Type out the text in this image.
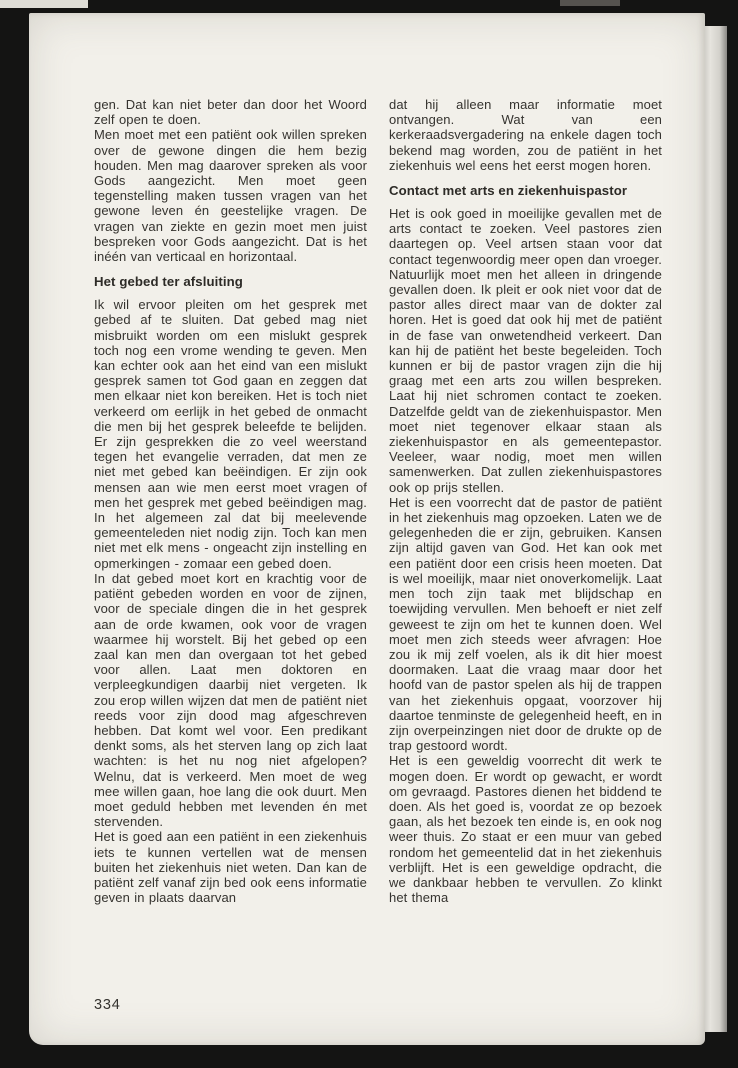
gen. Dat kan niet beter dan door het Woord zelf open te doen.

Men moet met een patiënt ook willen spreken over de gewone dingen die hem bezig houden. Men mag daarover spreken als voor Gods aangezicht. Men moet geen tegenstelling maken tussen vragen van het gewone leven én geestelijke vragen. De vragen van ziekte en gezin moet men juist bespreken voor Gods aangezicht. Dat is het inéén van verticaal en horizontaal.

Het gebed ter afsluiting

Ik wil ervoor pleiten om het gesprek met gebed af te sluiten. Dat gebed mag niet misbruikt worden om een mislukt gesprek toch nog een vrome wending te geven. Men kan echter ook aan het eind van een mislukt gesprek samen tot God gaan en zeggen dat men elkaar niet kon bereiken. Het is toch niet verkeerd om eerlijk in het gebed de onmacht die men bij het gesprek beleefde te belijden. Er zijn gesprekken die zo veel weerstand tegen het evangelie verraden, dat men ze niet met gebed kan beëindigen. Er zijn ook mensen aan wie men eerst moet vragen of men het gesprek met gebed beëindigen mag. In het algemeen zal dat bij meelevende gemeenteleden niet nodig zijn. Toch kan men niet met elk mens - ongeacht zijn instelling en opmerkingen - zomaar een gebed doen.

In dat gebed moet kort en krachtig voor de patiënt gebeden worden en voor de zijnen, voor de speciale dingen die in het gesprek aan de orde kwamen, ook voor de vragen waarmee hij worstelt. Bij het gebed op een zaal kan men dan overgaan tot het gebed voor allen. Laat men doktoren en verpleegkundigen daarbij niet vergeten. Ik zou erop willen wijzen dat men de patiënt niet reeds voor zijn dood mag afgeschreven hebben. Dat komt wel voor. Een predikant denkt soms, als het sterven lang op zich laat wachten: is het nu nog niet afgelopen? Welnu, dat is verkeerd. Men moet de weg mee willen gaan, hoe lang die ook duurt. Men moet geduld hebben met levenden én met stervenden.

Het is goed aan een patiënt in een ziekenhuis iets te kunnen vertellen wat de mensen buiten het ziekenhuis niet weten. Dan kan de patiënt zelf vanaf zijn bed ook eens informatie geven in plaats daarvan

dat hij alleen maar informatie moet ontvangen. Wat van een kerkeraadsvergadering na enkele dagen toch bekend mag worden, zou de patiënt in het ziekenhuis wel eens het eerst mogen horen.

Contact met arts en ziekenhuispastor

Het is ook goed in moeilijke gevallen met de arts contact te zoeken. Veel pastores zien daartegen op. Veel artsen staan voor dat contact tegenwoordig meer open dan vroeger. Natuurlijk moet men het alleen in dringende gevallen doen. Ik pleit er ook niet voor dat de pastor alles direct maar van de dokter zal horen. Het is goed dat ook hij met de patiënt in de fase van onwetendheid verkeert. Dan kan hij de patiënt het beste begeleiden. Toch kunnen er bij de pastor vragen zijn die hij graag met een arts zou willen bespreken. Laat hij niet schromen contact te zoeken. Datzelfde geldt van de ziekenhuispastor. Men moet niet tegenover elkaar staan als ziekenhuispastor en als gemeentepastor. Veeleer, waar nodig, moet men willen samenwerken. Dat zullen ziekenhuispastores ook op prijs stellen.

Het is een voorrecht dat de pastor de patiënt in het ziekenhuis mag opzoeken. Laten we de gelegenheden die er zijn, gebruiken. Kansen zijn altijd gaven van God. Het kan ook met een patiënt door een crisis heen moeten. Dat is wel moeilijk, maar niet onoverkomelijk. Laat men toch zijn taak met blijdschap en toewijding vervullen. Men behoeft er niet zelf geweest te zijn om het te kunnen doen. Wel moet men zich steeds weer afvragen: Hoe zou ik mij zelf voelen, als ik dit hier moest doormaken. Laat die vraag maar door het hoofd van de pastor spelen als hij de trappen van het ziekenhuis opgaat, voorzover hij daartoe tenminste de gelegenheid heeft, en in zijn overpeinzingen niet door de drukte op de trap gestoord wordt.

Het is een geweldig voorrecht dit werk te mogen doen. Er wordt op gewacht, er wordt om gevraagd. Pastores dienen het biddend te doen. Als het goed is, voordat ze op bezoek gaan, als het bezoek ten einde is, en ook nog weer thuis. Zo staat er een muur van gebed rondom het gemeentelid dat in het ziekenhuis verblijft. Het is een geweldige opdracht, die we dankbaar hebben te vervullen. Zo klinkt het thema

334
